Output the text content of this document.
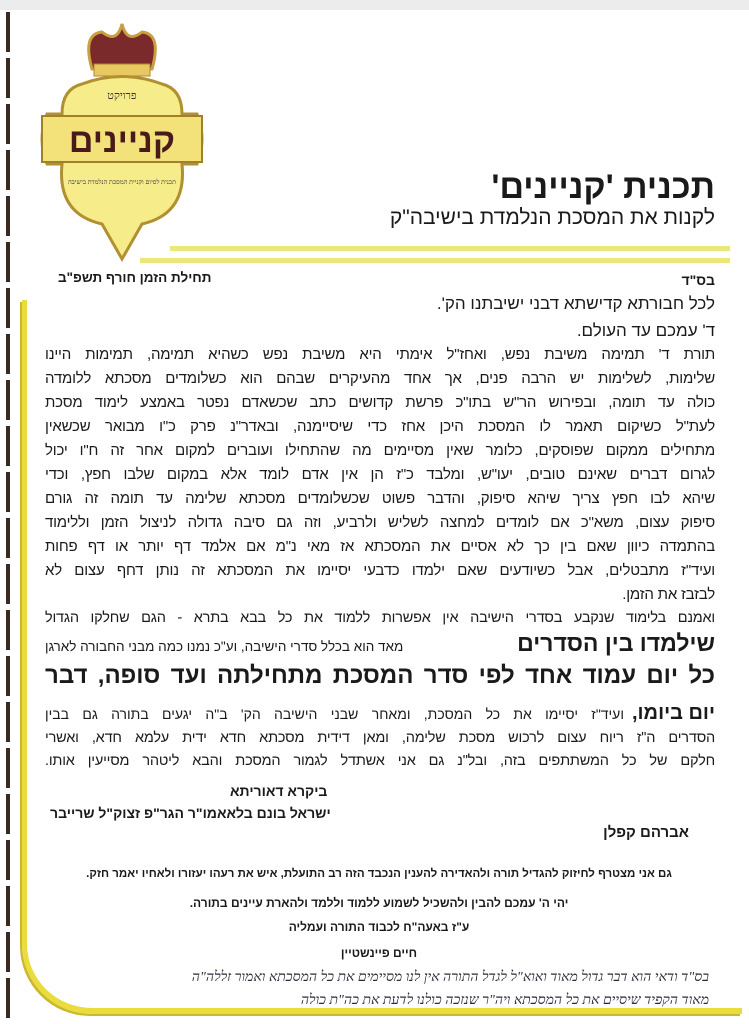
פרויקט
קניינים
תכנית לסיום וקניית המסכת הנלמדת בישיבה	תכנית 'קניינים'
לקנות את המסכת הנלמדת בישיבה"ק
תחילת הזמן חורף תשפ"ב	בס"ד
לכל חבורתא קדישתא דבני ישיבתנו הק'.
ד' עמכם עד העולם.
תורת ד' תמימה משיבת נפש, ואחז"ל אימתי היא משיבת נפש כשהיא תמימה, תמימות היינו
שלימות, לשלימות יש הרבה פנים, אך אחד מהעיקרים שבהם הוא כשלומדים מסכתא ללומדה
כולה עד תומה, ובפירוש הר"ש בתו"כ פרשת קדושים כתב שכשאדם נפטר באמצע לימוד מסכת
לעת"ל כשיקום תאמר לו המסכת היכן אחז כדי שיסיימנה, ובאדר"נ פרק כ"ו מבואר שכשאין
מתחילים ממקום שפוסקים, כלומר שאין מסיימים מה שהתחילו ועוברים למקום אחר זה ח"ו יכול
לגרום דברים שאינם טובים, יעו"ש, ומלבד כ"ז הן אין אדם לומד אלא במקום שלבו חפץ, וכדי
שיהא לבו חפץ צריך שיהא סיפוק, והדבר פשוט שכשלומדים מסכתא שלימה עד תומה זה גורם
סיפוק עצום, משא"כ אם לומדים למחצה לשליש ולרביע, וזה גם סיבה גדולה לניצול הזמן וללימוד
בהתמדה כיוון שאם בין כך לא אסיים את המסכתא אז מאי נ"מ אם אלמד דף יותר או דף פחות
ועיד"ז מתבטלים, אבל כשיודעים שאם ילמדו כדבעי יסיימו את המסכתא זה נותן דחף עצום לא
לבזבז את הזמן.
ואמנם בלימוד שנקבע בסדרי הישיבה אין אפשרות ללמוד את כל בבא בתרא - הגם שחלקו הגדול
שילמדו בין הסדרים
מאד הוא בכלל סדרי הישיבה, וע"כ נמנו כמה מבני החבורה לארגן
כל יום עמוד אחד לפי סדר המסכת מתחילתה ועד סופה, דבר
יום ביומו,
ועיד"ז יסיימו את כל המסכת, ומאחר שבני הישיבה הק' ב"ה יגעים בתורה גם בבין
הסדרים ה"ז ריוח עצום לרכוש מסכת שלימה, ומאן דידית מסכתא חדא ידית עלמא חדא, ואשרי
חלקם של כל המשתתפים בזה, ובל"נ גם אני אשתדל לגמור המסכת והבא ליטהר מסייעין אותו.
ביקרא דאוריתא
ישראל בונם בלאאמו"ר הגר"פ זצוק"ל שרייבר
אברהם קפלן
גם אני מצטרף לחיזוק להגדיל תורה ולהאדירה להענין הנכבד הזה רב התועלת, איש את רעהו יעזורו ולאחיו יאמר חזק.
יהי ה' עמכם להבין ולהשכיל לשמוע ללמוד וללמד ולהארת עיינים בתורה.
ע"ז באעה"ח לכבוד התורה ועמליה
חיים פיינשטיין
בס"ד ודאי הוא דבר גדול מאוד ואוא"ל לגדל התורה אין לנו מסיימים את כל המסכתא ואמור זללה"ה
מאוד הקפיד שיסיים את כל המסכתא ויה"ר שנזכה כולנו לדעת את כה"ת כולה
